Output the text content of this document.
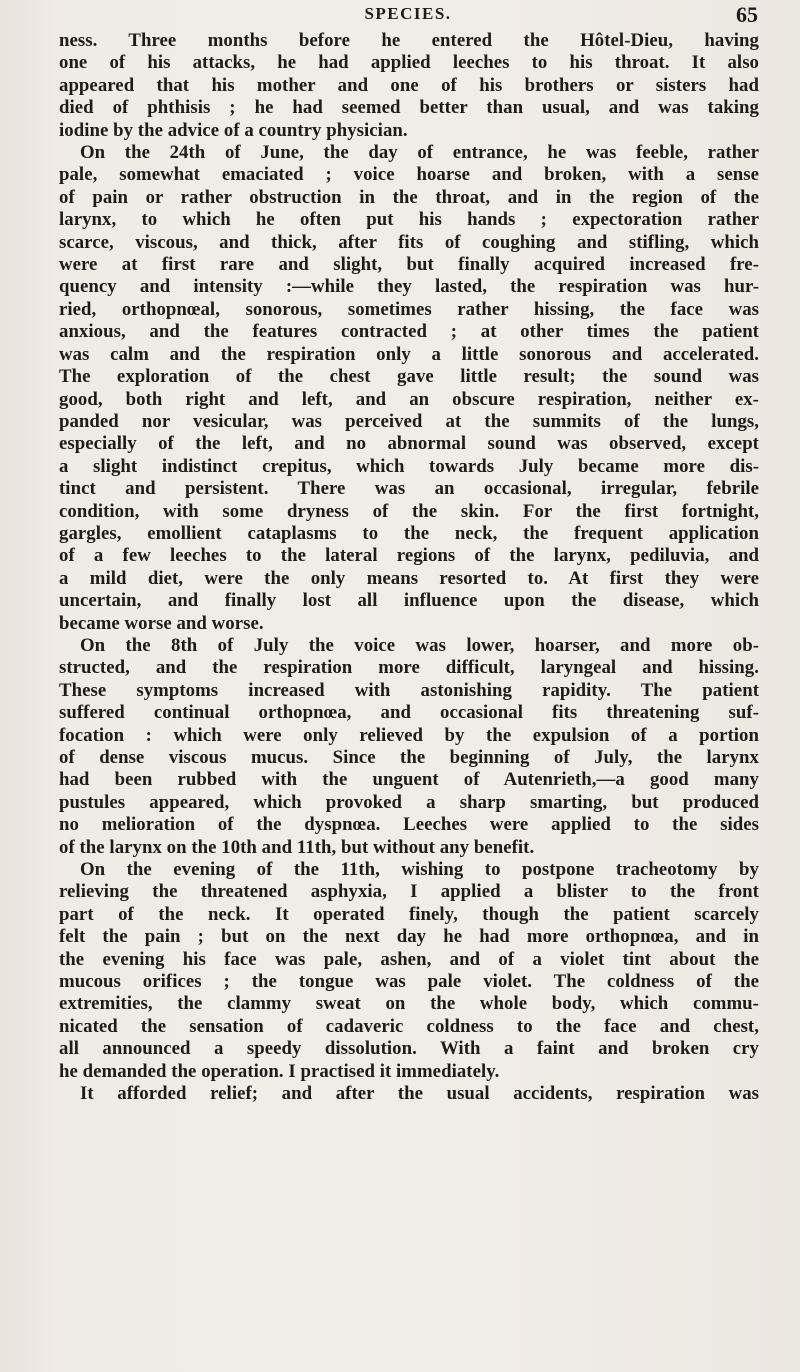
SPECIES.	65
ness. Three months before he entered the Hôtel-Dieu, having
one of his attacks, he had applied leeches to his throat. It also
appeared that his mother and one of his brothers or sisters had
died of phthisis ; he had seemed better than usual, and was taking
iodine by the advice of a country physician.
On the 24th of June, the day of entrance, he was feeble, rather
pale, somewhat emaciated ; voice hoarse and broken, with a sense
of pain or rather obstruction in the throat, and in the region of the
larynx, to which he often put his hands ; expectoration rather
scarce, viscous, and thick, after fits of coughing and stifling, which
were at first rare and slight, but finally acquired increased fre-
quency and intensity :—while they lasted, the respiration was hur-
ried, orthopnœal, sonorous, sometimes rather hissing, the face was
anxious, and the features contracted ; at other times the patient
was calm and the respiration only a little sonorous and accelerated.
The exploration of the chest gave little result; the sound was
good, both right and left, and an obscure respiration, neither ex-
panded nor vesicular, was perceived at the summits of the lungs,
especially of the left, and no abnormal sound was observed, except
a slight indistinct crepitus, which towards July became more dis-
tinct and persistent. There was an occasional, irregular, febrile
condition, with some dryness of the skin. For the first fortnight,
gargles, emollient cataplasms to the neck, the frequent application
of a few leeches to the lateral regions of the larynx, pediluvia, and
a mild diet, were the only means resorted to. At first they were
uncertain, and finally lost all influence upon the disease, which
became worse and worse.
On the 8th of July the voice was lower, hoarser, and more ob-
structed, and the respiration more difficult, laryngeal and hissing.
These symptoms increased with astonishing rapidity. The patient
suffered continual orthopnœa, and occasional fits threatening suf-
focation : which were only relieved by the expulsion of a portion
of dense viscous mucus. Since the beginning of July, the larynx
had been rubbed with the unguent of Autenrieth,—a good many
pustules appeared, which provoked a sharp smarting, but produced
no melioration of the dyspnœa. Leeches were applied to the sides
of the larynx on the 10th and 11th, but without any benefit.
On the evening of the 11th, wishing to postpone tracheotomy by
relieving the threatened asphyxia, I applied a blister to the front
part of the neck. It operated finely, though the patient scarcely
felt the pain ; but on the next day he had more orthopnœa, and in
the evening his face was pale, ashen, and of a violet tint about the
mucous orifices ; the tongue was pale violet. The coldness of the
extremities, the clammy sweat on the whole body, which commu-
nicated the sensation of cadaveric coldness to the face and chest,
all announced a speedy dissolution. With a faint and broken cry
he demanded the operation. I practised it immediately.
It afforded relief; and after the usual accidents, respiration was
